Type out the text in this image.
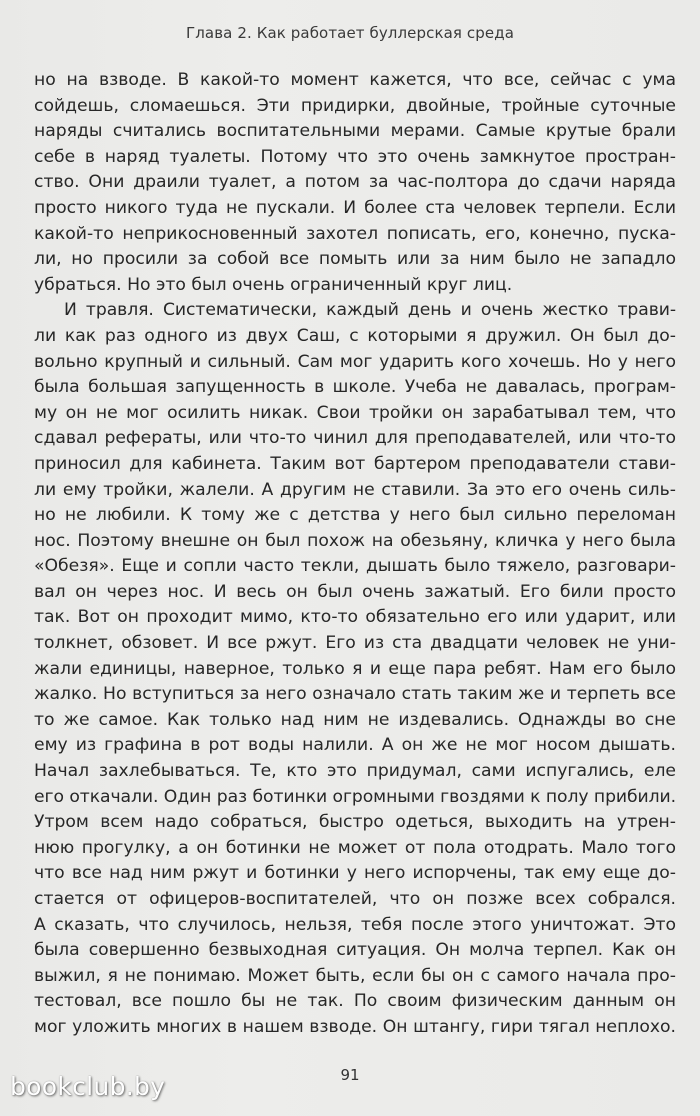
Глава 2. Как работает буллерская среда
но на взводе. В какой-то момент кажется, что все, сейчас с ума
сойдешь, сломаешься. Эти придирки, двойные, тройные суточные
наряды считались воспитательными мерами. Самые крутые брали
себе в наряд туалеты. Потому что это очень замкнутое простран-
ство. Они драили туалет, а потом за час-полтора до сдачи наряда
просто никого туда не пускали. И более ста человек терпели. Если
какой-то неприкосновенный захотел пописать, его, конечно, пуска-
ли, но просили за собой все помыть или за ним было не западло
убраться. Но это был очень ограниченный круг лиц.
И травля. Систематически, каждый день и очень жестко трави-
ли как раз одного из двух Саш, с которыми я дружил. Он был до-
вольно крупный и сильный. Сам мог ударить кого хочешь. Но у него
была большая запущенность в школе. Учеба не давалась, програм-
му он не мог осилить никак. Свои тройки он зарабатывал тем, что
сдавал рефераты, или что-то чинил для преподавателей, или что-то
приносил для кабинета. Таким вот бартером преподаватели стави-
ли ему тройки, жалели. А другим не ставили. За это его очень силь-
но не любили. К тому же с детства у него был сильно переломан
нос. Поэтому внешне он был похож на обезьяну, кличка у него была
«Обезя». Еще и сопли часто текли, дышать было тяжело, разговари-
вал он через нос. И весь он был очень зажатый. Его били просто
так. Вот он проходит мимо, кто-то обязательно его или ударит, или
толкнет, обзовет. И все ржут. Его из ста двадцати человек не уни-
жали единицы, наверное, только я и еще пара ребят. Нам его было
жалко. Но вступиться за него означало стать таким же и терпеть все
то же самое. Как только над ним не издевались. Однажды во сне
ему из графина в рот воды налили. А он же не мог носом дышать.
Начал захлебываться. Те, кто это придумал, сами испугались, еле
его откачали. Один раз ботинки огромными гвоздями к полу прибили.
Утром всем надо собраться, быстро одеться, выходить на утрен-
нюю прогулку, а он ботинки не может от пола отодрать. Мало того
что все над ним ржут и ботинки у него испорчены, так ему еще до-
стается от офицеров-воспитателей, что он позже всех собрался.
А сказать, что случилось, нельзя, тебя после этого уничтожат. Это
была совершенно безвыходная ситуация. Он молча терпел. Как он
выжил, я не понимаю. Может быть, если бы он с самого начала про-
тестовал, все пошло бы не так. По своим физическим данным он
мог уложить многих в нашем взводе. Он штангу, гири тягал неплохо.
91
bookclub.by
